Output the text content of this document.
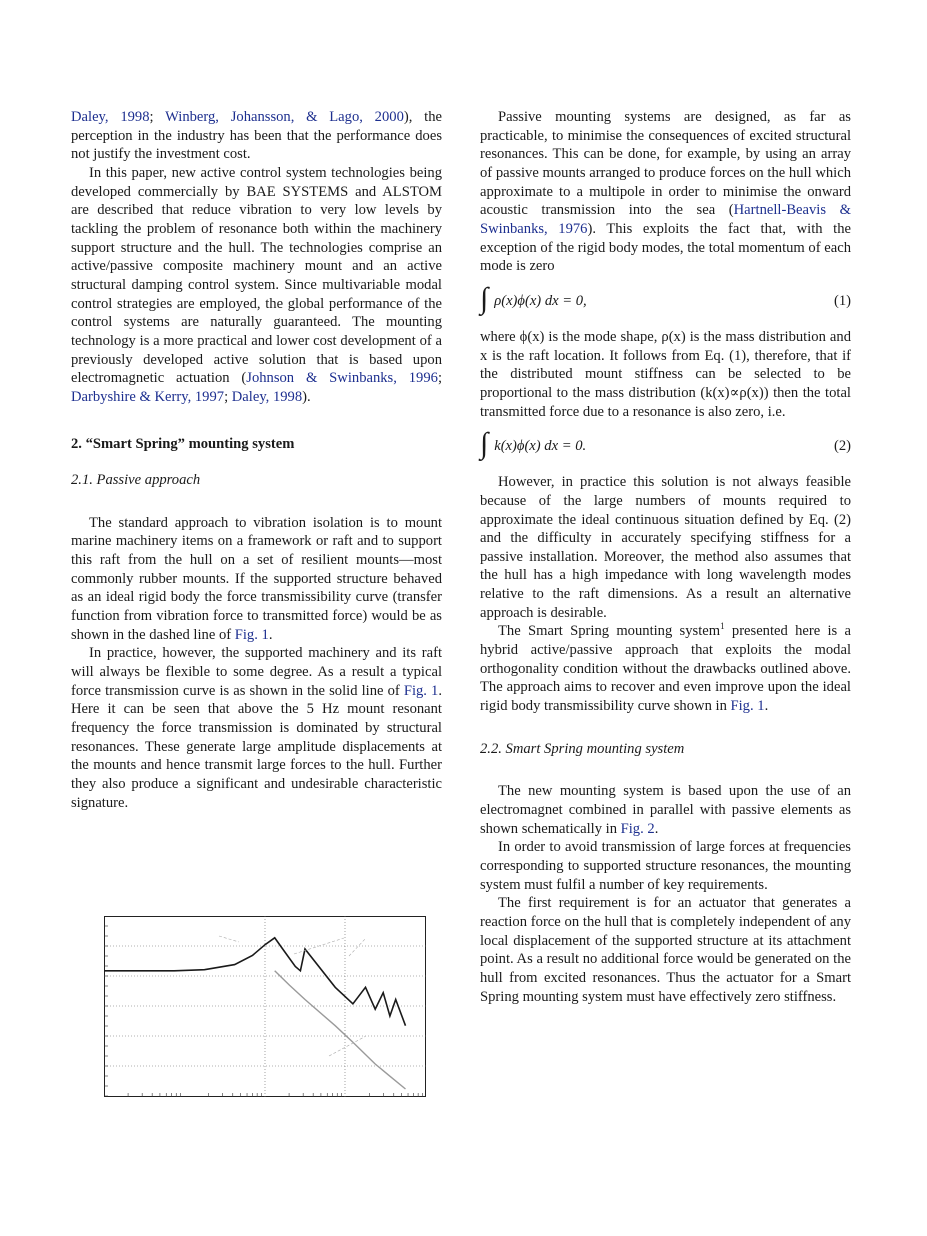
Daley, 1998; Winberg, Johansson, & Lago, 2000), the perception in the industry has been that the performance does not justify the investment cost.

In this paper, new active control system technologies being developed commercially by BAE SYSTEMS and ALSTOM are described that reduce vibration to very low levels by tackling the problem of resonance both within the machinery support structure and the hull. The technologies comprise an active/passive composite machinery mount and an active structural damping control system. Since multivariable modal control strategies are employed, the global performance of the control systems are naturally guaranteed. The mounting technology is a more practical and lower cost development of a previously developed active solution that is based upon electromagnetic actuation (Johnson & Swinbanks, 1996; Darbyshire & Kerry, 1997; Daley, 1998).

2. “Smart Spring” mounting system

2.1. Passive approach

The standard approach to vibration isolation is to mount marine machinery items on a framework or raft and to support this raft from the hull on a set of resilient mounts—most commonly rubber mounts. If the supported structure behaved as an ideal rigid body the force transmissibility curve (transfer function from vibration force to transmitted force) would be as shown in the dashed line of Fig. 1.

In practice, however, the supported machinery and its raft will always be flexible to some degree. As a result a typical force transmission curve is as shown in the solid line of Fig. 1. Here it can be seen that above the 5 Hz mount resonant frequency the force transmission is dominated by structural resonances. These generate large amplitude displacements at the mounts and hence transmit large forces to the hull. Further they also produce a significant and undesirable characteristic signature.

Passive mounting systems are designed, as far as practicable, to minimise the consequences of excited structural resonances. This can be done, for example, by using an array of passive mounts arranged to produce forces on the hull which approximate to a multipole in order to minimise the onward acoustic transmission into the sea (Hartnell-Beavis & Swinbanks, 1976). This exploits the fact that, with the exception of the rigid body modes, the total momentum of each mode is zero

∫ ρ(x)ϕ(x) dx = 0,	(1)

where ϕ(x) is the mode shape, ρ(x) is the mass distribution and x is the raft location. It follows from Eq. (1), therefore, that if the distributed mount stiffness can be selected to be proportional to the mass distribution (k(x)∝ρ(x)) then the total transmitted force due to a resonance is also zero, i.e.

∫ k(x)ϕ(x) dx = 0.	(2)

However, in practice this solution is not always feasible because of the large numbers of mounts required to approximate the ideal continuous situation defined by Eq. (2) and the difficulty in accurately specifying stiffness for a passive installation. Moreover, the method also assumes that the hull has a high impedance with long wavelength modes relative to the raft dimensions. As a result an alternative approach is desirable.

The Smart Spring mounting system$^1$ presented here is a hybrid active/passive approach that exploits the modal orthogonality condition without the drawbacks outlined above. The approach aims to recover and even improve upon the ideal rigid body transmissibility curve shown in Fig. 1.

2.2. Smart Spring mounting system

The new mounting system is based upon the use of an electromagnet combined in parallel with passive elements as shown schematically in Fig. 2.

In order to avoid transmission of large forces at frequencies corresponding to supported structure resonances, the mounting system must fulfil a number of key requirements.

The first requirement is for an actuator that generates a reaction force on the hull that is completely independent of any local displacement of the supported structure at its attachment point. As a result no additional force would be generated on the hull from excited resonances. Thus the actuator for a Smart Spring mounting system must have effectively zero stiffness.
